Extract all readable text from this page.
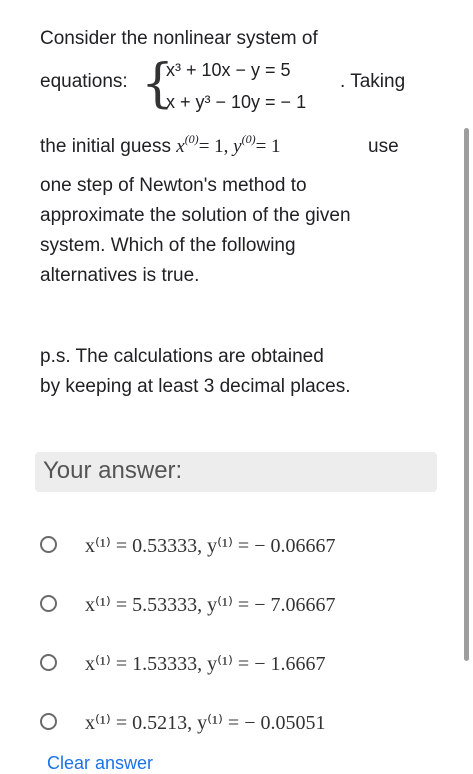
Consider the nonlinear system of
equations: {
x³ + 10x − y = 5
x + y³ − 10y = − 1
. Taking
the initial guess $x^{(0)}= 1$, $y^{(0)}= 1$	use
one step of Newton's method to
approximate the solution of the given
system. Which of the following
alternatives is true.
p.s. The calculations are obtained
by keeping at least 3 decimal places.
Your answer:
x⁽¹⁾ = 0.53333, y⁽¹⁾ = − 0.06667
x⁽¹⁾ = 5.53333, y⁽¹⁾ = − 7.06667
x⁽¹⁾ = 1.53333, y⁽¹⁾ = − 1.6667
x⁽¹⁾ = 0.5213, y⁽¹⁾ = − 0.05051
Clear answer
